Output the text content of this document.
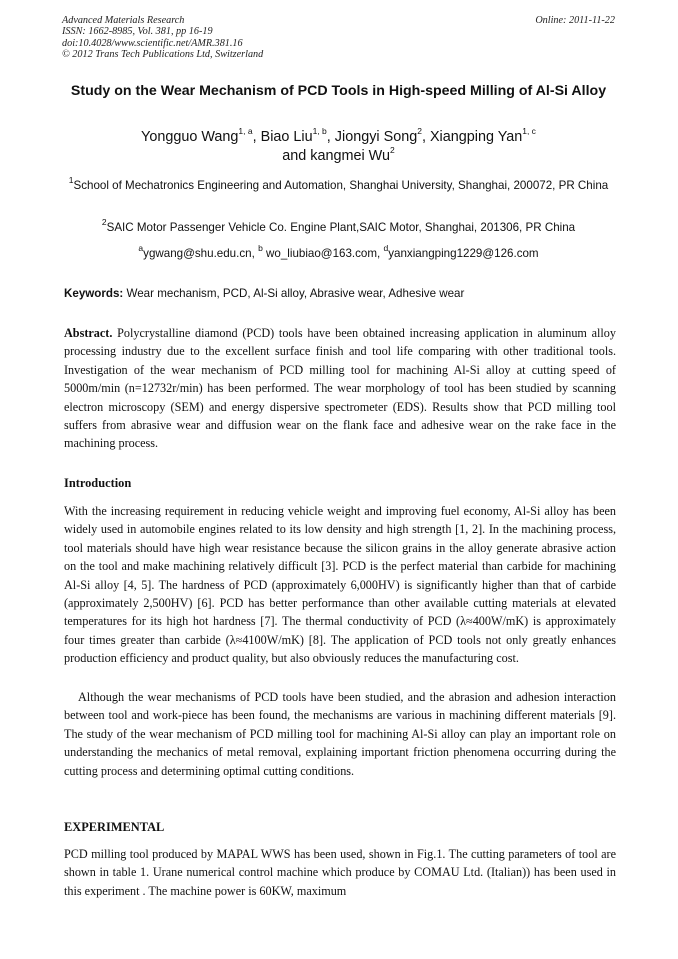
Advanced Materials Research
ISSN: 1662-8985, Vol. 381, pp 16-19
doi:10.4028/www.scientific.net/AMR.381.16
© 2012 Trans Tech Publications Ltd, Switzerland
Online: 2011-11-22
Study on the Wear Mechanism of PCD Tools in High-speed Milling of Al-Si Alloy
Yongguo Wang$^{1, a}$, Biao Liu$^{1, b}$, Jiongyi Song$^2$, Xiangping Yan$^{1, c}$
and kangmei Wu$^2$
$^1$School of Mechatronics Engineering and Automation, Shanghai University, Shanghai, 200072, PR China
$^2$SAIC Motor Passenger Vehicle Co. Engine Plant,SAIC Motor, Shanghai, 201306, PR China
$^a$ygwang@shu.edu.cn, $^b$ wo_liubiao@163.com, $^d$yanxiangping1229@126.com
Keywords: Wear mechanism, PCD, Al-Si alloy, Abrasive wear, Adhesive wear

Abstract. Polycrystalline diamond (PCD) tools have been obtained increasing application in aluminum alloy processing industry due to the excellent surface finish and tool life comparing with other traditional tools. Investigation of the wear mechanism of PCD milling tool for machining Al-Si alloy at cutting speed of 5000m/min (n=12732r/min) has been performed. The wear morphology of tool has been studied by scanning electron microscopy (SEM) and energy dispersive spectrometer (EDS). Results show that PCD milling tool suffers from abrasive wear and diffusion wear on the flank face and adhesive wear on the rake face in the machining process.

Introduction

With the increasing requirement in reducing vehicle weight and improving fuel economy, Al-Si alloy has been widely used in automobile engines related to its low density and high strength [1, 2]. In the machining process, tool materials should have high wear resistance because the silicon grains in the alloy generate abrasive action on the tool and make machining relatively difficult [3]. PCD is the perfect material than carbide for machining Al-Si alloy [4, 5]. The hardness of PCD (approximately 6,000HV) is significantly higher than that of carbide (approximately 2,500HV) [6]. PCD has better performance than other available cutting materials at elevated temperatures for its high hot hardness [7]. The thermal conductivity of PCD (λ≈400W/mK) is approximately four times greater than carbide (λ≈4100W/mK) [8]. The application of PCD tools not only greatly enhances production efficiency and product quality, but also obviously reduces the manufacturing cost.

Although the wear mechanisms of PCD tools have been studied, and the abrasion and adhesion interaction between tool and work-piece has been found, the mechanisms are various in machining different materials [9]. The study of the wear mechanism of PCD milling tool for machining Al-Si alloy can play an important role on understanding the mechanics of metal removal, explaining important friction phenomena occurring during the cutting process and determining optimal cutting conditions.

EXPERIMENTAL

PCD milling tool produced by MAPAL WWS has been used, shown in Fig.1. The cutting parameters of tool are shown in table 1. Urane numerical control machine which produce by COMAU Ltd. (Italian)) has been used in this experiment . The machine power is 60KW, maximum
